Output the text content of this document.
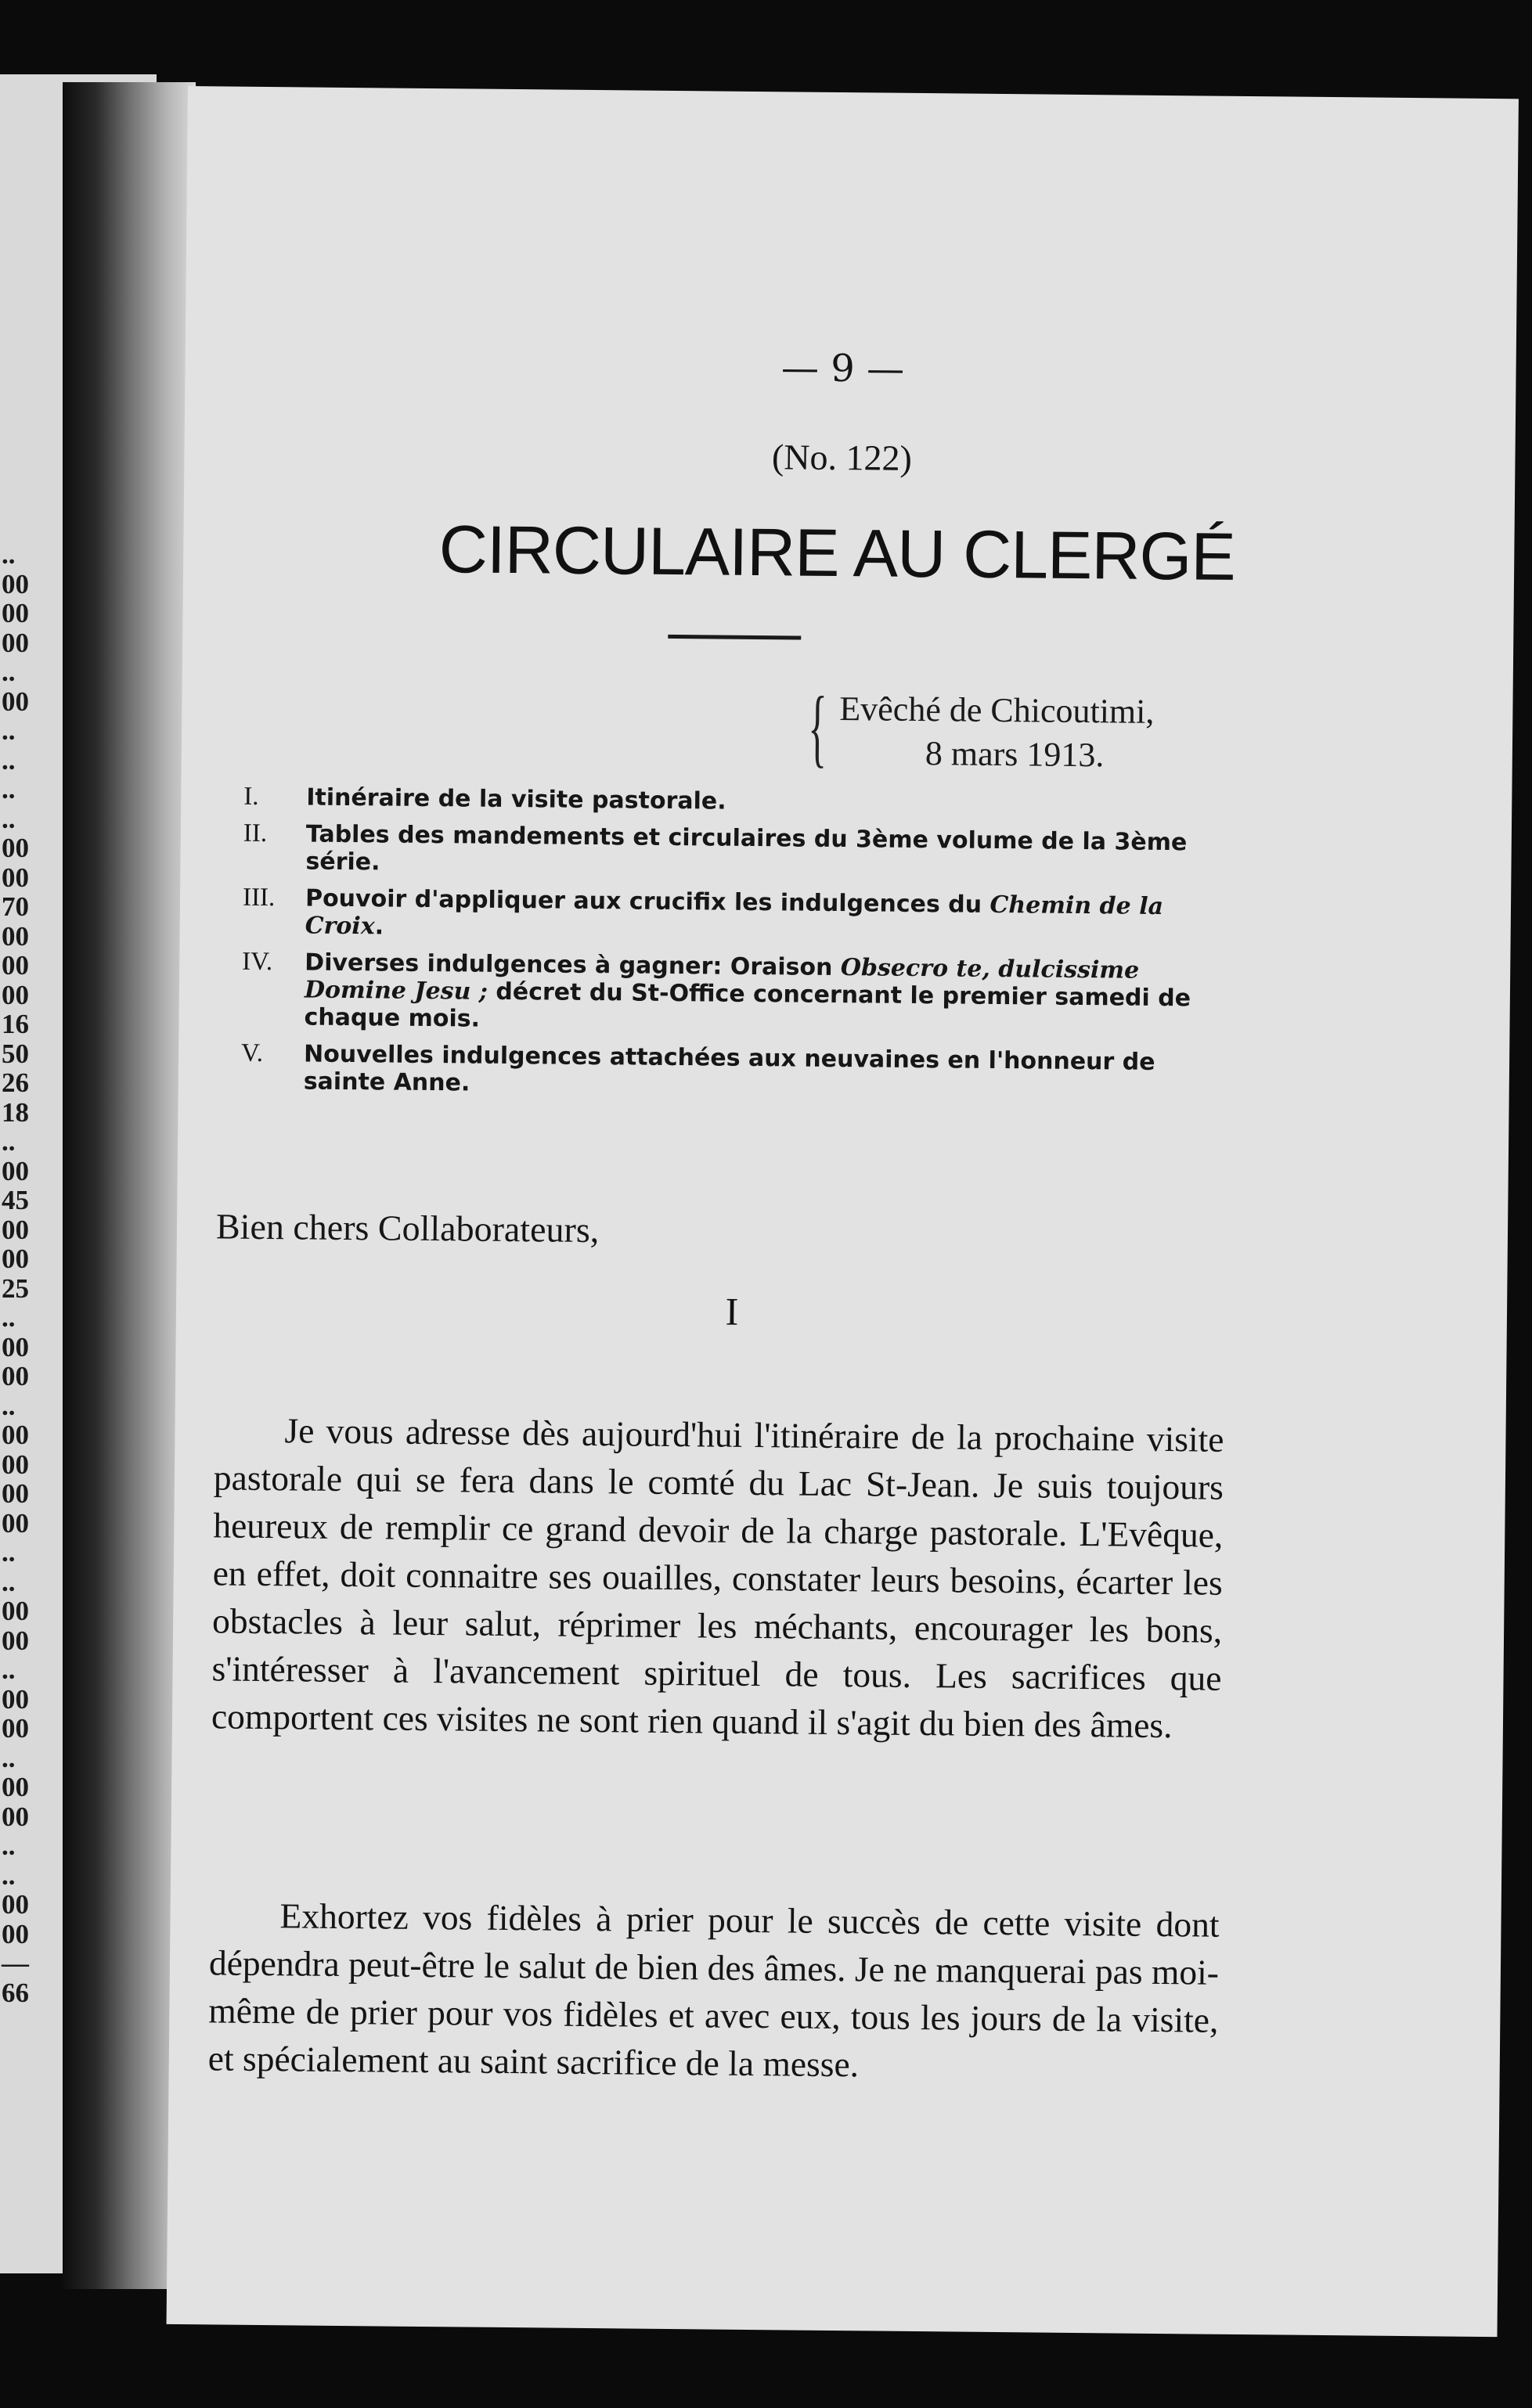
..
00
00
00
..
00
..
..
..
..
00
00
70
00
00
00
16
50
26
18
..
00
45
00
00
25
..
00
00
..
00
00
00
00
..
..
00
00
..
00
00
..
00
00
..
..
00
00
—
66
— 9 —
(No. 122)
CIRCULAIRE AU CLERGÉ
{ Evêché de Chicoutimi,
8 mars 1913.
I.	Itinéraire de la visite pastorale.
II.	Tables des mandements et circulaires du 3ème volume de la 3ème série.
III.	Pouvoir d'appliquer aux crucifix les indulgences du Chemin de la Croix.
IV.	Diverses indulgences à gagner: Oraison Obsecro te, dulcissime Domine Jesu ; décret du St-Office concernant le premier samedi de chaque mois.
V.	Nouvelles indulgences attachées aux neuvaines en l'honneur de sainte Anne.
Bien chers Collaborateurs,
I

Je vous adresse dès aujourd'hui l'itinéraire de la prochaine visite pastorale qui se fera dans le comté du Lac St-Jean. Je suis toujours heureux de remplir ce grand devoir de la charge pastorale. L'Evêque, en effet, doit connaitre ses ouailles, constater leurs besoins, écarter les obstacles à leur salut, réprimer les méchants, encourager les bons, s'intéresser à l'avancement spirituel de tous. Les sacrifices que comportent ces visites ne sont rien quand il s'agit du bien des âmes.

Exhortez vos fidèles à prier pour le succès de cette visite dont dépendra peut-être le salut de bien des âmes. Je ne manquerai pas moi-même de prier pour vos fidèles et avec eux, tous les jours de la visite, et spécialement au saint sacrifice de la messe.
